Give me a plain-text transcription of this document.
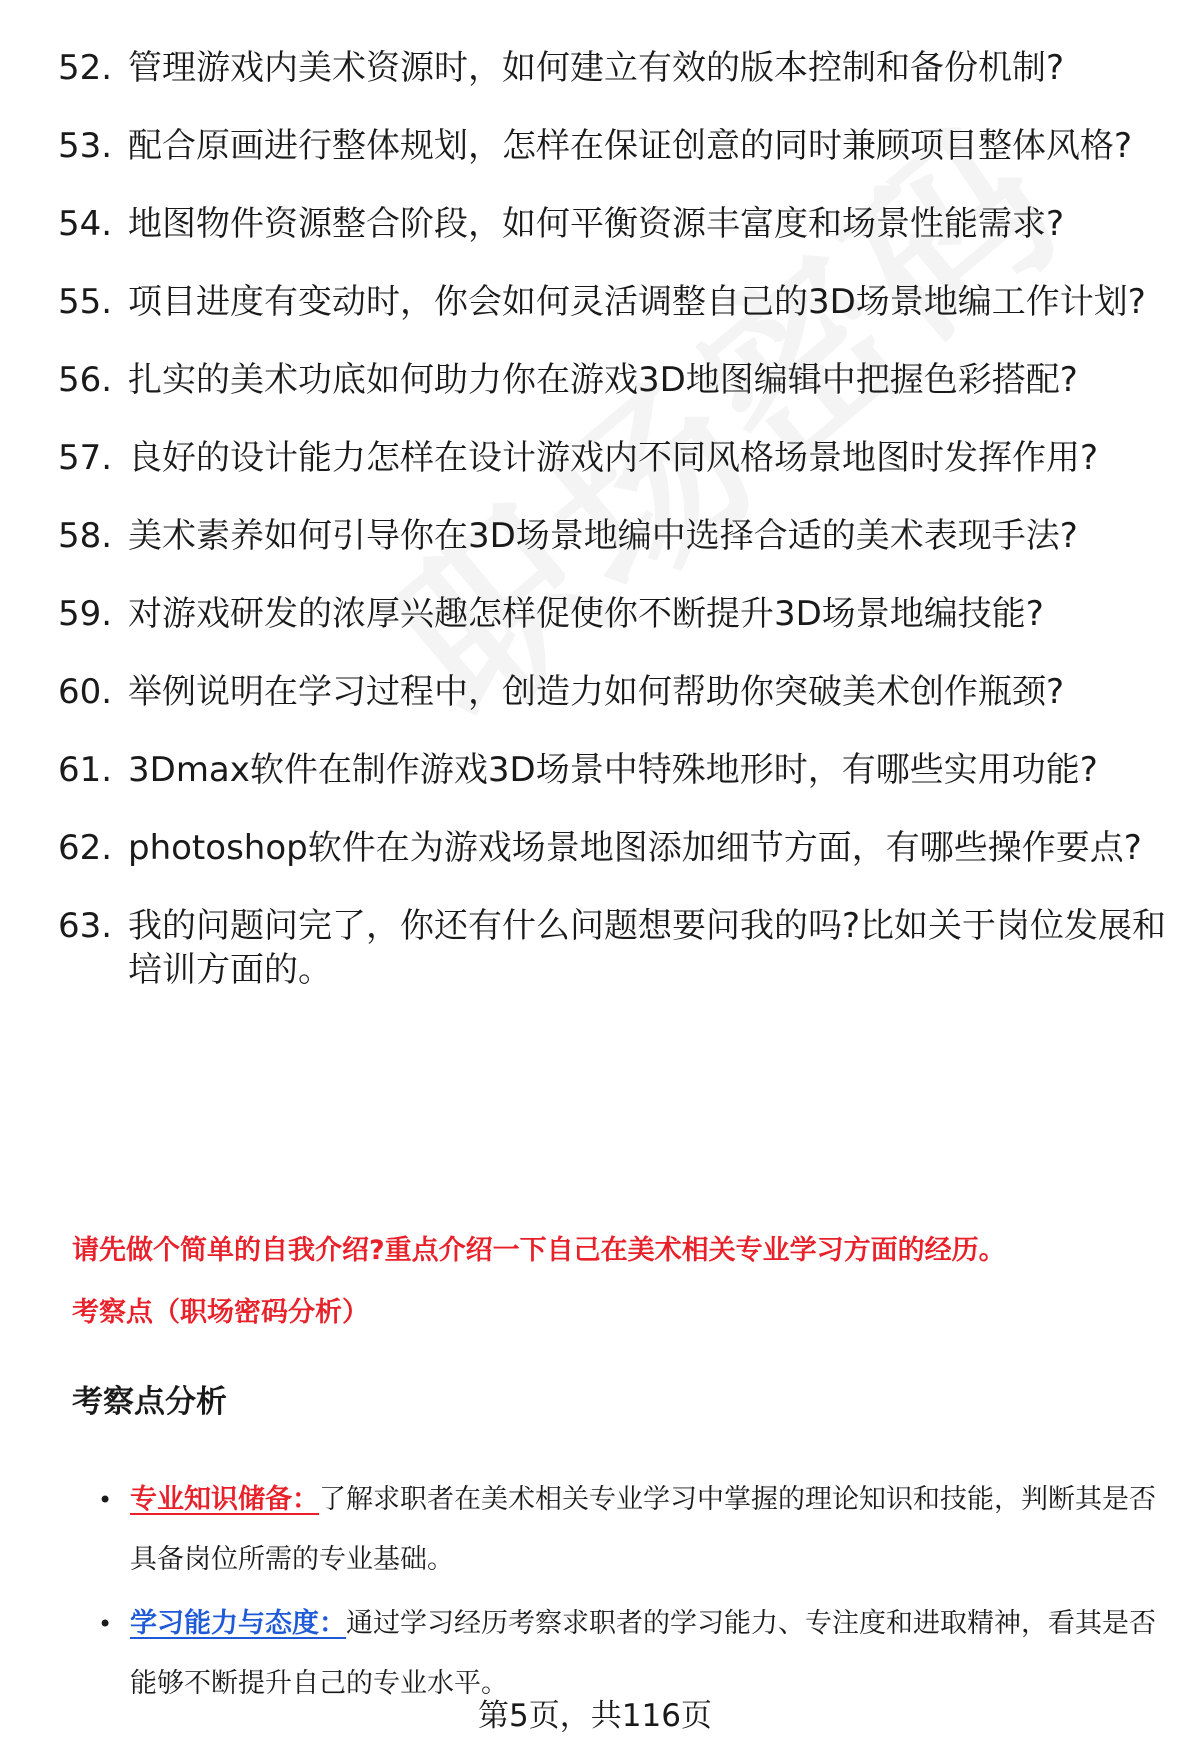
52. 管理游戏内美术资源时，如何建立有效的版本控制和备份机制?
53. 配合原画进行整体规划，怎样在保证创意的同时兼顾项目整体风格?
54. 地图物件资源整合阶段，如何平衡资源丰富度和场景性能需求?
55. 项目进度有变动时，你会如何灵活调整自己的3D场景地编工作计划?
56. 扎实的美术功底如何助力你在游戏3D地图编辑中把握色彩搭配?
57. 良好的设计能力怎样在设计游戏内不同风格场景地图时发挥作用?
58. 美术素养如何引导你在3D场景地编中选择合适的美术表现手法?
59. 对游戏研发的浓厚兴趣怎样促使你不断提升3D场景地编技能?
60. 举例说明在学习过程中，创造力如何帮助你突破美术创作瓶颈?
61. 3Dmax软件在制作游戏3D场景中特殊地形时，有哪些实用功能?
62. photoshop软件在为游戏场景地图添加细节方面，有哪些操作要点?
63. 我的问题问完了，你还有什么问题想要问我的吗?比如关于岗位发展和培训方面的。
请先做个简单的自我介绍?重点介绍一下自己在美术相关专业学习方面的经历。
考察点（职场密码分析）
考察点分析
• 专业知识储备：了解求职者在美术相关专业学习中掌握的理论知识和技能，判断其是否具备岗位所需的专业基础。
• 学习能力与态度：通过学习经历考察求职者的学习能力、专注度和进取精神，看其是否能够不断提升自己的专业水平。
第5页，共116页
